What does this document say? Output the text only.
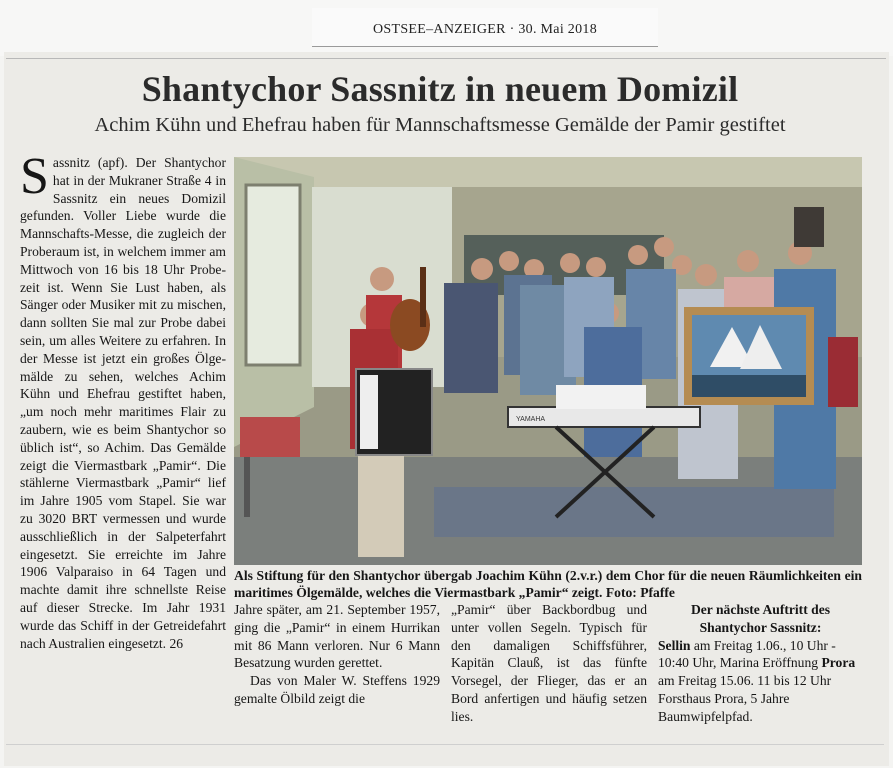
OSTSEE–ANZEIGER · 30. Mai 2018
Shantychor Sassnitz in neuem Domizil
Achim Kühn und Ehefrau haben für Mannschaftsmesse Gemälde der Pamir gestiftet
Sassnitz (apf). Der Shantychor hat in der Mukraner Straße 4 in Sassnitz ein neues Domizil gefunden. Voller Liebe wurde die Mannschafts-Messe, die zugleich der Proberaum ist, in welchem immer am Mittwoch von 16 bis 18 Uhr Probezeit ist. Wenn Sie Lust haben, als Sänger oder Musiker mit zu mischen, dann sollten Sie mal zur Probe dabei sein, um alles Weitere zu erfahren. In der Messe ist jetzt ein großes Ölgemälde zu sehen, welches Achim Kühn und Ehefrau gestiftet haben, „um noch mehr maritimes Flair zu zaubern, wie es beim Shantychor so üblich ist“, so Achim. Das Gemälde zeigt die Viermastbark „Pamir“. Die stählerne Viermastbark „Pamir“ lief im Jahre 1905 vom Stapel. Sie war zu 3020 BRT vermessen und wurde ausschließlich in der Salpeterfahrt eingesetzt. Sie erreichte im Jahre 1906 Valparaiso in 64 Tagen und machte damit ihre schnellste Reise auf dieser Strecke. Im Jahr 1931 wurde das Schiff in der Getreidefahrt nach Australien eingesetzt. 26
YAMAHA
Als Stiftung für den Shantychor übergab Joachim Kühn (2.v.r.) dem Chor für die neuen Räumlichkeiten ein maritimes Ölgemälde, welches die Viermastbark „Pamir“ zeigt. Foto: Pfaffe
Jahre später, am 21. September 1957, ging die „Pamir“ in einem Hurrikan mit 86 Mann verloren. Nur 6 Mann Besatzung wurden gerettet.
Das von Maler W. Steffens 1929 gemalte Ölbild zeigt die
„Pamir“ über Backbordbug und unter vollen Segeln. Typisch für den damaligen Schiffsführer, Kapitän Clauß, ist das fünfte Vorsegel, der Flieger, das er an Bord anfertigen und häufig setzen lies.
Der nächste Auftritt des Shantychor Sassnitz:
Sellin am Freitag 1.06., 10 Uhr - 10:40 Uhr, Marina Eröffnung Prora am Freitag 15.06. 11 bis 12 Uhr Forsthaus Prora, 5 Jahre Baumwipfelpfad.
